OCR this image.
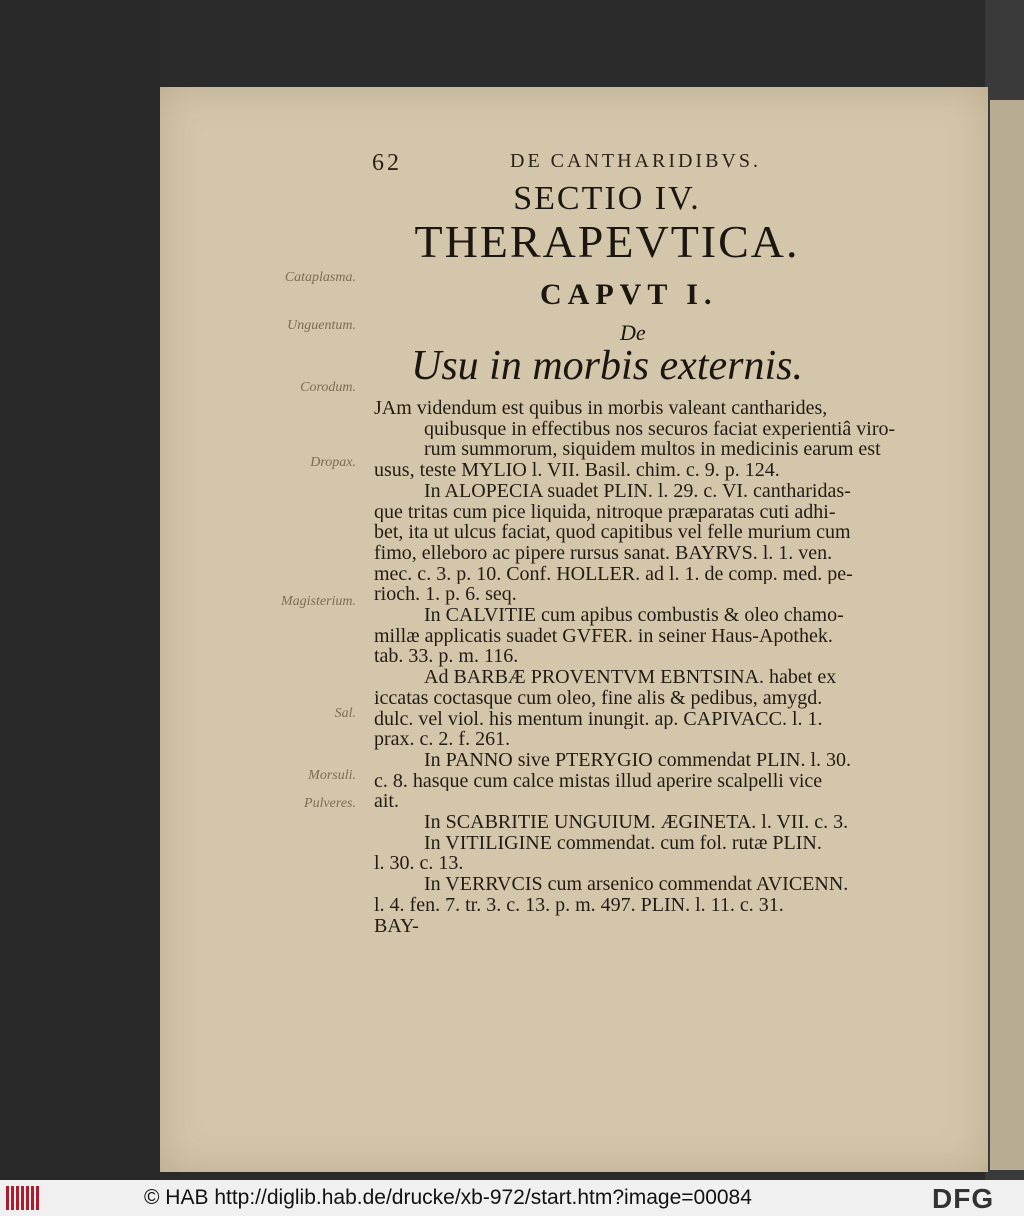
62	DE CANTHARIDIBVS.
SECTIO IV.
THERAPEVTICA.
CAPVT I.
De
Usu in morbis externis.
Cataplasma.
Unguentum.
Corodum.
Dropax.
Magisterium.
Sal.
Morsuli.
Pulveres.

JAm videndum est quibus in morbis valeant cantharides,

quibusque in effectibus nos securos faciat experientiâ viro-

rum summorum, siquidem multos in medicinis earum est

usus, teste MYLIO l. VII. Basil. chim. c. 9. p. 124.

In ALOPECIA suadet PLIN. l. 29. c. VI. cantharidas-

que tritas cum pice liquida, nitroque præparatas cuti adhi-

bet, ita ut ulcus faciat, quod capitibus vel felle murium cum

fimo, elleboro ac pipere rursus sanat. BAYRVS. l. 1. ven.

mec. c. 3. p. 10. Conf. HOLLER. ad l. 1. de comp. med. pe-

rioch. 1. p. 6. seq.

In CALVITIE cum apibus combustis & oleo chamo-

millæ applicatis suadet GVFER. in seiner Haus-Apothek.

tab. 33. p. m. 116.

Ad BARBÆ PROVENTVM EBNTSINA. habet ex

iccatas coctasque cum oleo, fine alis & pedibus, amygd.

dulc. vel viol. his mentum inungit. ap. CAPIVACC. l. 1.

prax. c. 2. f. 261.

In PANNO sive PTERYGIO commendat PLIN. l. 30.

c. 8. hasque cum calce mistas illud aperire scalpelli vice

ait.

In SCABRITIE UNGUIUM. ÆGINETA. l. VII. c. 3.

In VITILIGINE commendat. cum fol. rutæ PLIN.

l. 30. c. 13.

In VERRVCIS cum arsenico commendat AVICENN.

l. 4. fen. 7. tr. 3. c. 13. p. m. 497. PLIN. l. 11. c. 31.

BAY-

© HAB http://diglib.hab.de/drucke/xb-972/start.htm?image=00084	DFG
